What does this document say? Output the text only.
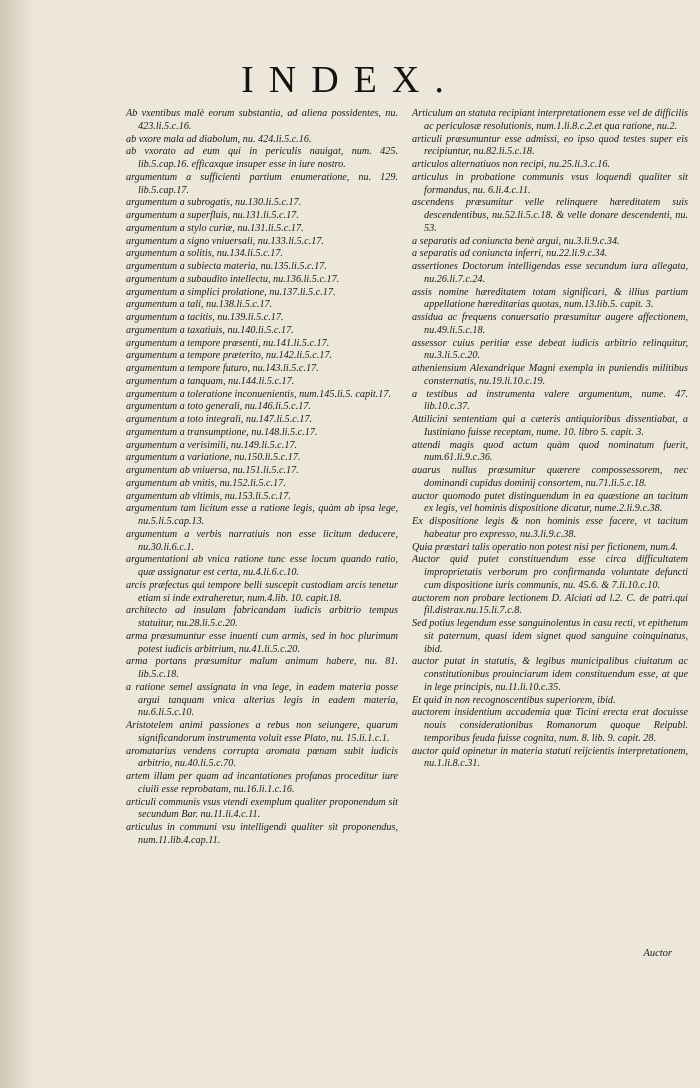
INDEX.

Ab vxentibus malè eorum substantia, ad aliena possidentes, nu. 423.li.5.c.16.

ab vxore mala ad diabolum, nu. 424.li.5.c.16.

ab vxorato ad eum qui in periculis nauigat, num. 425. lib.5.cap.16. efficaxque insuper esse in iure nostro.

argumentum a sufficienti partium enumeratione, nu. 129. lib.5.cap.17.

argumentum a subrogatis, nu.130.li.5.c.17.

argumentum a superfluis, nu.131.li.5.c.17.

argumentum a stylo curiæ, nu.131.li.5.c.17.

argumentum a signo vniuersali, nu.133.li.5.c.17.

argumentum a solitis, nu.134.li.5.c.17.

argumentum a subiecta materia, nu.135.li.5.c.17.

argumentum a subaudito intellectu, nu.136.li.5.c.17.

argumentum a simplici prolatione, nu.137.li.5.c.17.

argumentum a tali, nu.138.li.5.c.17.

argumentum a tacitis, nu.139.li.5.c.17.

argumentum a taxatiuis, nu.140.li.5.c.17.

argumentum a tempore præsenti, nu.141.li.5.c.17.

argumentum a tempore præterito, nu.142.li.5.c.17.

argumentum a tempore futuro, nu.143.li.5.c.17.

argumentum a tanquam, nu.144.li.5.c.17.

argumentum a toleratione inconuenientis, num.145.li.5. capit.17.

argumentum a toto generali, nu.146.li.5.c.17.

argumentum a toto integrali, nu.147.li.5.c.17.

argumentum a transumptione, nu.148.li.5.c.17.

argumentum a verisimili, nu.149.li.5.c.17.

argumentum a variatione, nu.150.li.5.c.17.

argumentum ab vniuersa, nu.151.li.5.c.17.

argumentum ab vnitis, nu.152.li.5.c.17.

argumentum ab vltimis, nu.153.li.5.c.17.

argumentum tam licitum esse a ratione legis, quàm ab ipsa lege, nu.5.li.5.cap.13.

argumentum a verbis narratiuis non esse licitum deducere, nu.30.li.6.c.1.

argumentationi ab vnica ratione tunc esse locum quando ratio, quæ assignatur est certa, nu.4.li.6.c.10.

arcis præfectus qui tempore belli suscepit custodiam arcis tenetur etiam si inde extraheretur, num.4.lib. 10. capit.18.

architecto ad insulam fabricandam iudicis arbitrio tempus statuitur, nu.28.li.5.c.20.

arma præsumuntur esse inuenti cum armis, sed in hoc plurimum potest iudicis arbitrium, nu.41.li.5.c.20.

arma portans præsumitur malum animum habere, nu. 81. lib.5.c.18.

a ratione semel assignata in vna lege, in eadem materia posse argui tanquam vnica alterius legis in eadem materia, nu.6.li.5.c.10.

Aristotelem animi passiones a rebus non seiungere, quarum significandorum instrumenta voluit esse Plato, nu. 15.li.1.c.1.

aromatarius vendens corrupta aromata pœnam subit iudicis arbitrio, nu.40.li.5.c.70.

artem illam per quam ad incantationes profanas proceditur iure ciuili esse reprobatam, nu.16.li.1.c.16.

articuli communis vsus vtendi exemplum qualiter proponendum sit secundum Bar. nu.11.li.4.c.11.

articulus in communi vsu intelligendi qualiter sit proponendus, num.11.lib.4.cap.11.

Articulum an statuta recipiant interpretationem esse vel de difficilis ac periculosæ resolutionis, num.1.li.8.c.2.et qua ratione, nu.2.

articuli præsumuntur esse admissi, eo ipso quod testes super eis recipiuntur, nu.82.li.5.c.18.

articulos alternatiuos non recipi, nu.25.li.3.c.16.

articulus in probatione communis vsus loquendi qualiter sit formandus, nu. 6.li.4.c.11.

ascendens præsumitur velle relinquere hæreditatem suis descendentibus, nu.52.li.5.c.18. & velle donare descendenti, nu. 53.

a separatis ad coniuncta benè argui, nu.3.li.9.c.34.

a separatis ad coniuncta inferri, nu.22.li.9.c.34.

assertiones Doctorum intelligendas esse secundum iura allegata, nu.26.li.7.c.24.

assis nomine hæreditatem totam significari, & illius partium appellatione hæreditarias quotas, num.13.lib.5. capit. 3.

assidua ac frequens conuersatio præsumitur augere affectionem, nu.49.li.5.c.18.

assessor cuius peritiæ esse debeat iudicis arbitrio relinquitur, nu.3.li.5.c.20.

atheniensium Alexandrique Magni exempla in puniendis militibus consternatis, nu.19.li.10.c.19.

a testibus ad instrumenta valere argumentum, nume. 47. lib.10.c.37.

Attilicini sententiam qui a cæteris antiquioribus dissentiabat, a Iustiniano fuisse receptam, nume. 10. libro 5. capit. 3.

attendi magis quod actum quàm quod nominatum fuerit, num.61.li.9.c.36.

auarus nullus præsumitur quærere compossessorem, nec dominandi cupidus dominij consortem, nu.71.li.5.c.18.

auctor quomodo putet distinguendum in ea quæstione an tacitum ex legis, vel hominis dispositione dicatur, nume.2.li.9.c.38.

Ex dispositione legis & non hominis esse facere, vt tacitum habeatur pro expresso, nu.3.li.9.c.38.

Quia præstari talis operatio non potest nisi per fictionem, num.4.

Auctor quid putet constituendum esse circa difficultatem improprietatis verborum pro confirmanda voluntate defuncti cum dispositione iuris communis, nu. 45.6. & 7.li.10.c.10.

auctorem non probare lectionem D. Alciati ad l.2. C. de patri.qui fil.distrax.nu.15.li.7.c.8.

Sed potius legendum esse sanguinolentus in casu recti, vt epithetum sit paternum, quasi idem signet quod sanguine coinquinatus, ibid.

auctor putat in statutis, & legibus municipalibus ciuitatum ac constitutionibus prouinciarum idem constituendum esse, at que in lege principis, nu.11.li.10.c.35.

Et quid in non recognoscentibus superiorem, ibid.

auctorem insidentium accademia quæ Ticini erecta erat docuisse nouis considerationibus Romanorum quoque Reipubl. temporibus feuda fuisse cognita, num. 8. lib. 9. capit. 28.

auctor quid opinetur in materia statuti reijcientis interpretationem, nu.1.li.8.c.31.

Auctor
